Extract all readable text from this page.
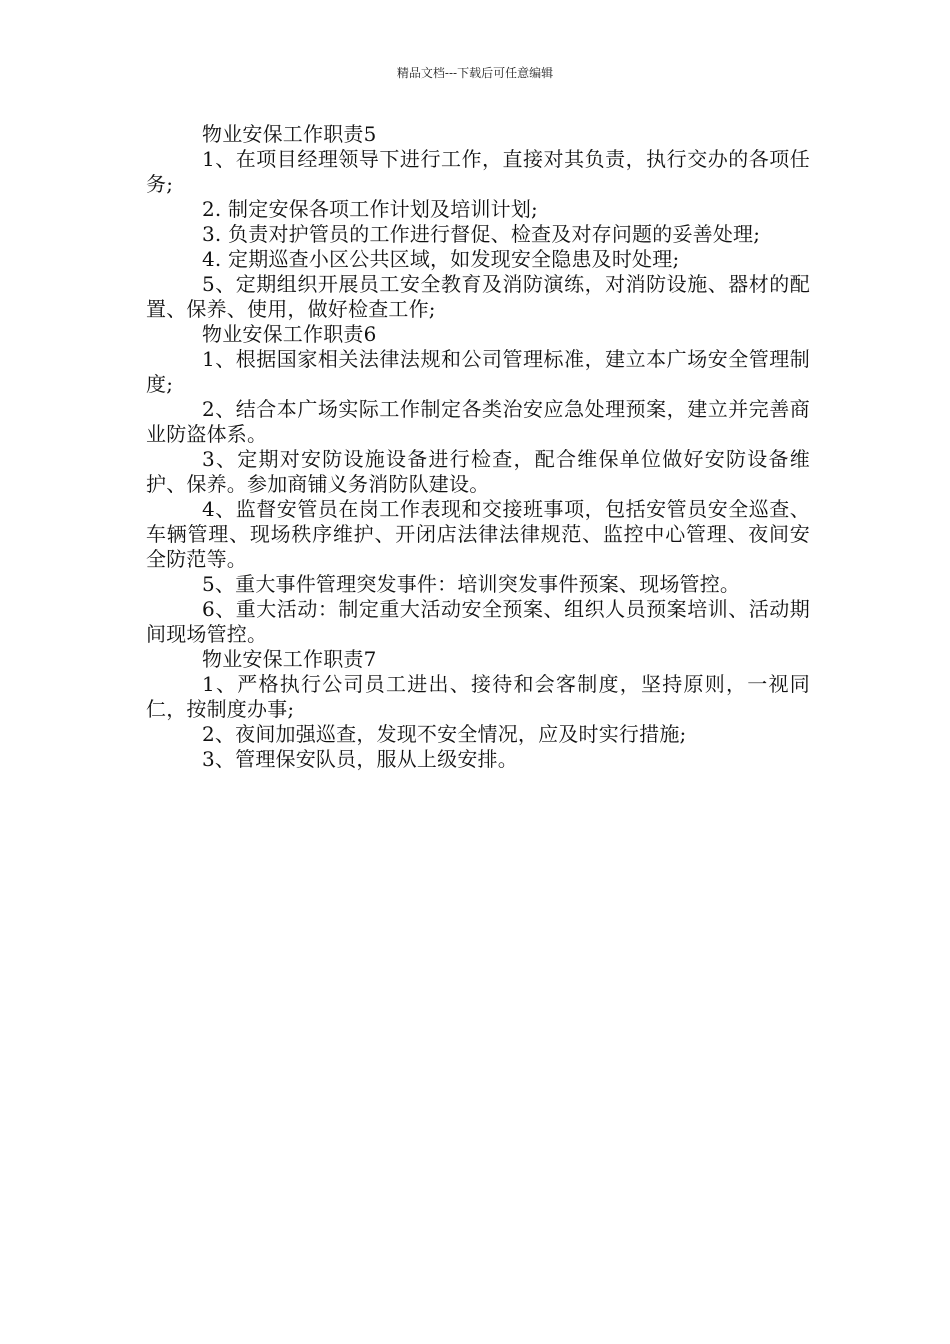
精品文档---下载后可任意编辑

物业安保工作职责5

1、在项目经理领导下进行工作，直接对其负责，执行交办的各项任务;

2. 制定安保各项工作计划及培训计划;

3. 负责对护管员的工作进行督促、检查及对存问题的妥善处理;

4. 定期巡查小区公共区域，如发现安全隐患及时处理;

5、定期组织开展员工安全教育及消防演练，对消防设施、器材的配置、保养、使用，做好检查工作;

物业安保工作职责6

1、根据国家相关法律法规和公司管理标准，建立本广场安全管理制度;

2、结合本广场实际工作制定各类治安应急处理预案，建立并完善商业防盗体系。

3、定期对安防设施设备进行检查，配合维保单位做好安防设备维护、保养。参加商铺义务消防队建设。

4、监督安管员在岗工作表现和交接班事项，包括安管员安全巡查、车辆管理、现场秩序维护、开闭店法律法律规范、监控中心管理、夜间安全防范等。

5、重大事件管理突发事件：培训突发事件预案、现场管控。

6、重大活动：制定重大活动安全预案、组织人员预案培训、活动期间现场管控。

物业安保工作职责7

1、严格执行公司员工进出、接待和会客制度，坚持原则，一视同仁，按制度办事;

2、夜间加强巡查，发现不安全情况，应及时实行措施;

3、管理保安队员，服从上级安排。
